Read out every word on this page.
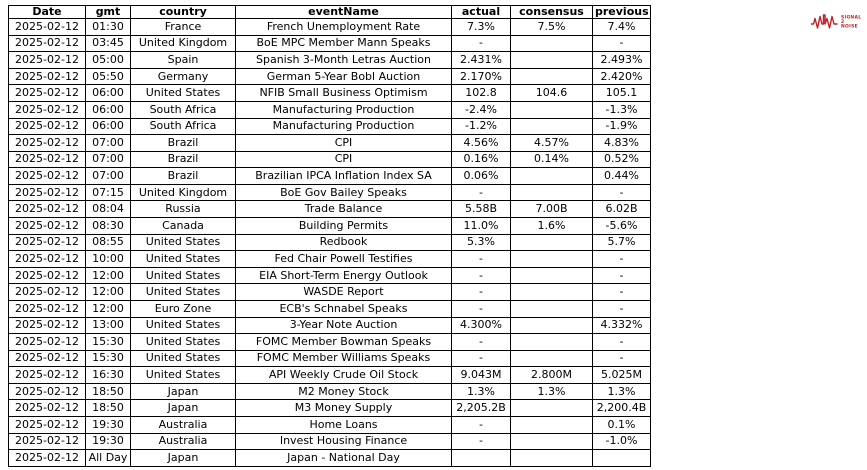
Date	gmt	country	eventName	actual	consensus	previous
2025-02-12	01:30	France	French Unemployment Rate	7.3%	7.5%	7.4%
2025-02-12	03:45	United Kingdom	BoE MPC Member Mann Speaks	-		-
2025-02-12	05:00	Spain	Spanish 3-Month Letras Auction	2.431%		2.493%
2025-02-12	05:50	Germany	German 5-Year Bobl Auction	2.170%		2.420%
2025-02-12	06:00	United States	NFIB Small Business Optimism	102.8	104.6	105.1
2025-02-12	06:00	South Africa	Manufacturing Production	-2.4%		-1.3%
2025-02-12	06:00	South Africa	Manufacturing Production	-1.2%		-1.9%
2025-02-12	07:00	Brazil	CPI	4.56%	4.57%	4.83%
2025-02-12	07:00	Brazil	CPI	0.16%	0.14%	0.52%
2025-02-12	07:00	Brazil	Brazilian IPCA Inflation Index SA	0.06%		0.44%
2025-02-12	07:15	United Kingdom	BoE Gov Bailey Speaks	-		-
2025-02-12	08:04	Russia	Trade Balance	5.58B	7.00B	6.02B
2025-02-12	08:30	Canada	Building Permits	11.0%	1.6%	-5.6%
2025-02-12	08:55	United States	Redbook	5.3%		5.7%
2025-02-12	10:00	United States	Fed Chair Powell Testifies	-		-
2025-02-12	12:00	United States	EIA Short-Term Energy Outlook	-		-
2025-02-12	12:00	United States	WASDE Report	-		-
2025-02-12	12:00	Euro Zone	ECB's Schnabel Speaks	-		-
2025-02-12	13:00	United States	3-Year Note Auction	4.300%		4.332%
2025-02-12	15:30	United States	FOMC Member Bowman Speaks	-		-
2025-02-12	15:30	United States	FOMC Member Williams Speaks	-		-
2025-02-12	16:30	United States	API Weekly Crude Oil Stock	9.043M	2.800M	5.025M
2025-02-12	18:50	Japan	M2 Money Stock	1.3%	1.3%	1.3%
2025-02-12	18:50	Japan	M3 Money Supply	2,205.2B		2,200.4B
2025-02-12	19:30	Australia	Home Loans	-		0.1%
2025-02-12	19:30	Australia	Invest Housing Finance	-		-1.0%
2025-02-12	All Day	Japan	Japan - National Day			
SIGNAL
2
NOISE
